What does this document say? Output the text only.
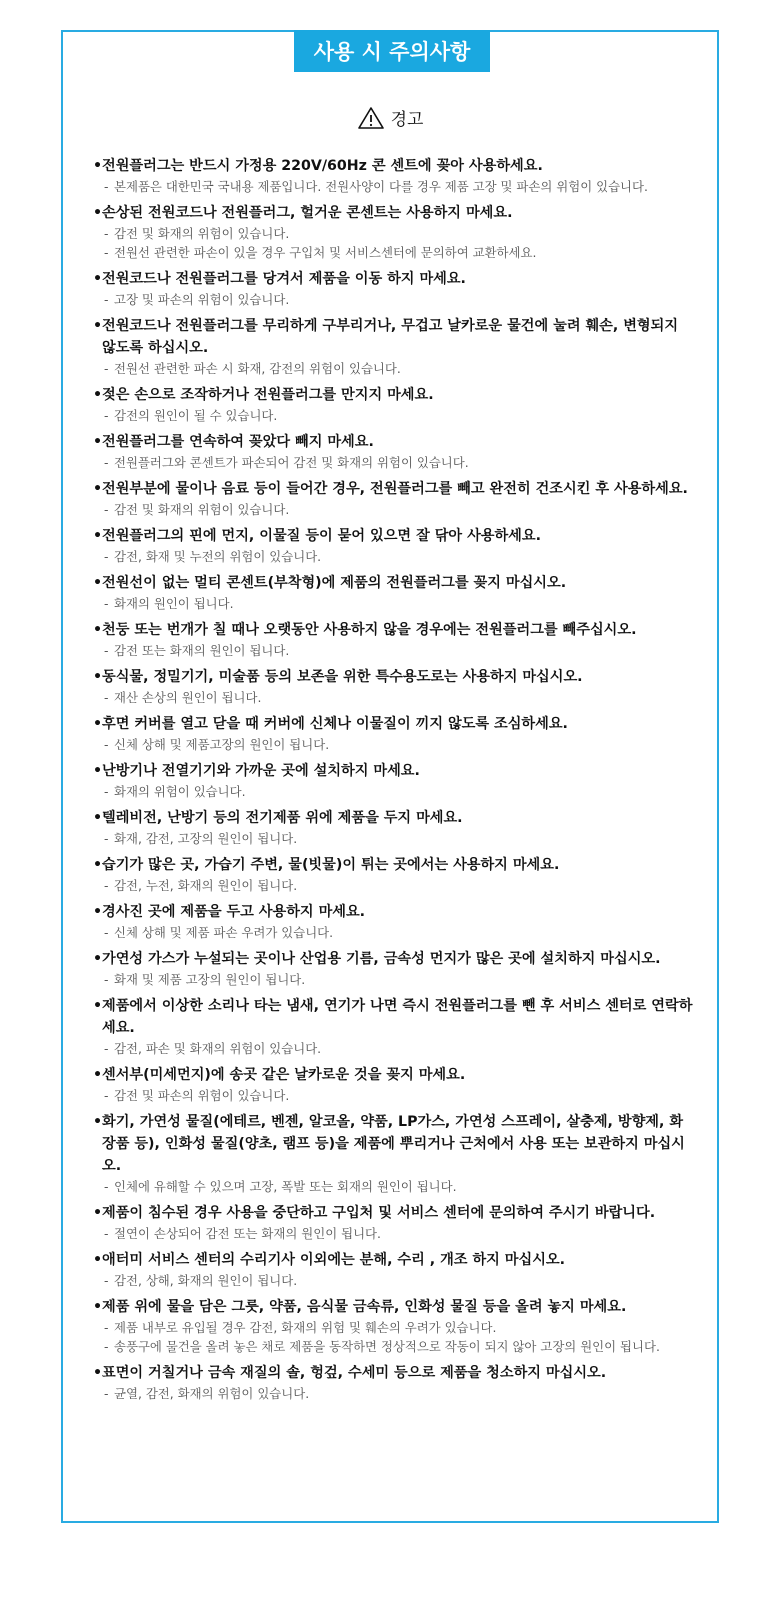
사용 시 주의사항
경고
• 전원플러그는 반드시 가정용 220V/60Hz 콘 센트에 꽂아 사용하세요.
- 본제품은 대한민국 국내용 제품입니다. 전원사양이 다를 경우 제품 고장 및 파손의 위험이 있습니다.
• 손상된 전원코드나 전원플러그, 헐거운 콘센트는 사용하지 마세요.
- 감전 및 화재의 위험이 있습니다.
- 전원선 관련한 파손이 있을 경우 구입처 및 서비스센터에 문의하여 교환하세요.
• 전원코드나 전원플러그를 당겨서 제품을 이동 하지 마세요.
- 고장 및 파손의 위험이 있습니다.
• 전원코드나 전원플러그를 무리하게 구부리거나, 무겁고 날카로운 물건에 눌려 훼손, 변형되지 않도록 하십시오.
- 전원선 관련한 파손 시 화재, 감전의 위험이 있습니다.
• 젖은 손으로 조작하거나 전원플러그를 만지지 마세요.
- 감전의 원인이 될 수 있습니다.
• 전원플러그를 연속하여 꽂았다 빼지 마세요.
- 전원플러그와 콘센트가 파손되어 감전 및 화재의 위험이 있습니다.
• 전원부분에 물이나 음료 등이 들어간 경우, 전원플러그를 빼고 완전히 건조시킨 후 사용하세요.
- 감전 및 화재의 위험이 있습니다.
• 전원플러그의 핀에 먼지, 이물질 등이 묻어 있으면 잘 닦아 사용하세요.
- 감전, 화재 및 누전의 위험이 있습니다.
• 전원선이 없는 멀티 콘센트(부착형)에 제품의 전원플러그를 꽂지 마십시오.
- 화재의 원인이 됩니다.
• 천둥 또는 번개가 칠 때나 오랫동안 사용하지 않을 경우에는 전원플러그를 빼주십시오.
- 감전 또는 화재의 원인이 됩니다.
• 동식물, 정밀기기, 미술품 등의 보존을 위한 특수용도로는 사용하지 마십시오.
- 재산 손상의 원인이 됩니다.
• 후면 커버를 열고 닫을 때 커버에 신체나 이물질이 끼지 않도록 조심하세요.
- 신체 상해 및 제품고장의 원인이 됩니다.
• 난방기나 전열기기와 가까운 곳에 설치하지 마세요.
- 화재의 위험이 있습니다.
• 텔레비전, 난방기 등의 전기제품 위에 제품을 두지 마세요.
- 화재, 감전, 고장의 원인이 됩니다.
• 습기가 많은 곳, 가습기 주변, 물(빗물)이 튀는 곳에서는 사용하지 마세요.
- 감전, 누전, 화재의 원인이 됩니다.
• 경사진 곳에 제품을 두고 사용하지 마세요.
- 신체 상해 및 제품 파손 우려가 있습니다.
• 가연성 가스가 누설되는 곳이나 산업용 기름, 금속성 먼지가 많은 곳에 설치하지 마십시오.
- 화재 및 제품 고장의 원인이 됩니다.
• 제품에서 이상한 소리나 타는 냄새, 연기가 나면 즉시 전원플러그를 뺀 후 서비스 센터로 연락하세요.
- 감전, 파손 및 화재의 위험이 있습니다.
• 센서부(미세먼지)에 송곳 같은 날카로운 것을 꽂지 마세요.
- 감전 및 파손의 위험이 있습니다.
• 화기, 가연성 물질(에테르, 벤젠, 알코올, 약품, LP가스, 가연성 스프레이, 살충제, 방향제, 화장품 등), 인화성 물질(양초, 램프 등)을 제품에 뿌리거나 근처에서 사용 또는 보관하지 마십시오.
- 인체에 유해할 수 있으며 고장, 폭발 또는 회재의 원인이 됩니다.
• 제품이 침수된 경우 사용을 중단하고 구입처 및 서비스 센터에 문의하여 주시기 바랍니다.
- 절연이 손상되어 감전 또는 화재의 원인이 됩니다.
• 애터미 서비스 센터의 수리기사 이외에는 분해, 수리 , 개조 하지 마십시오.
- 감전, 상해, 화재의 원인이 됩니다.
• 제품 위에 물을 담은 그릇, 약품, 음식물 금속류, 인화성 물질 등을 올려 놓지 마세요.
- 제품 내부로 유입될 경우 감전, 화재의 위험 및 훼손의 우려가 있습니다.
- 송풍구에 물건을 올려 놓은 채로 제품을 동작하면 정상적으로 작동이 되지 않아 고장의 원인이 됩니다.
• 표면이 거칠거나 금속 재질의 솔, 헝겊, 수세미 등으로 제품을 청소하지 마십시오.
- 균열, 감전, 화재의 위험이 있습니다.
